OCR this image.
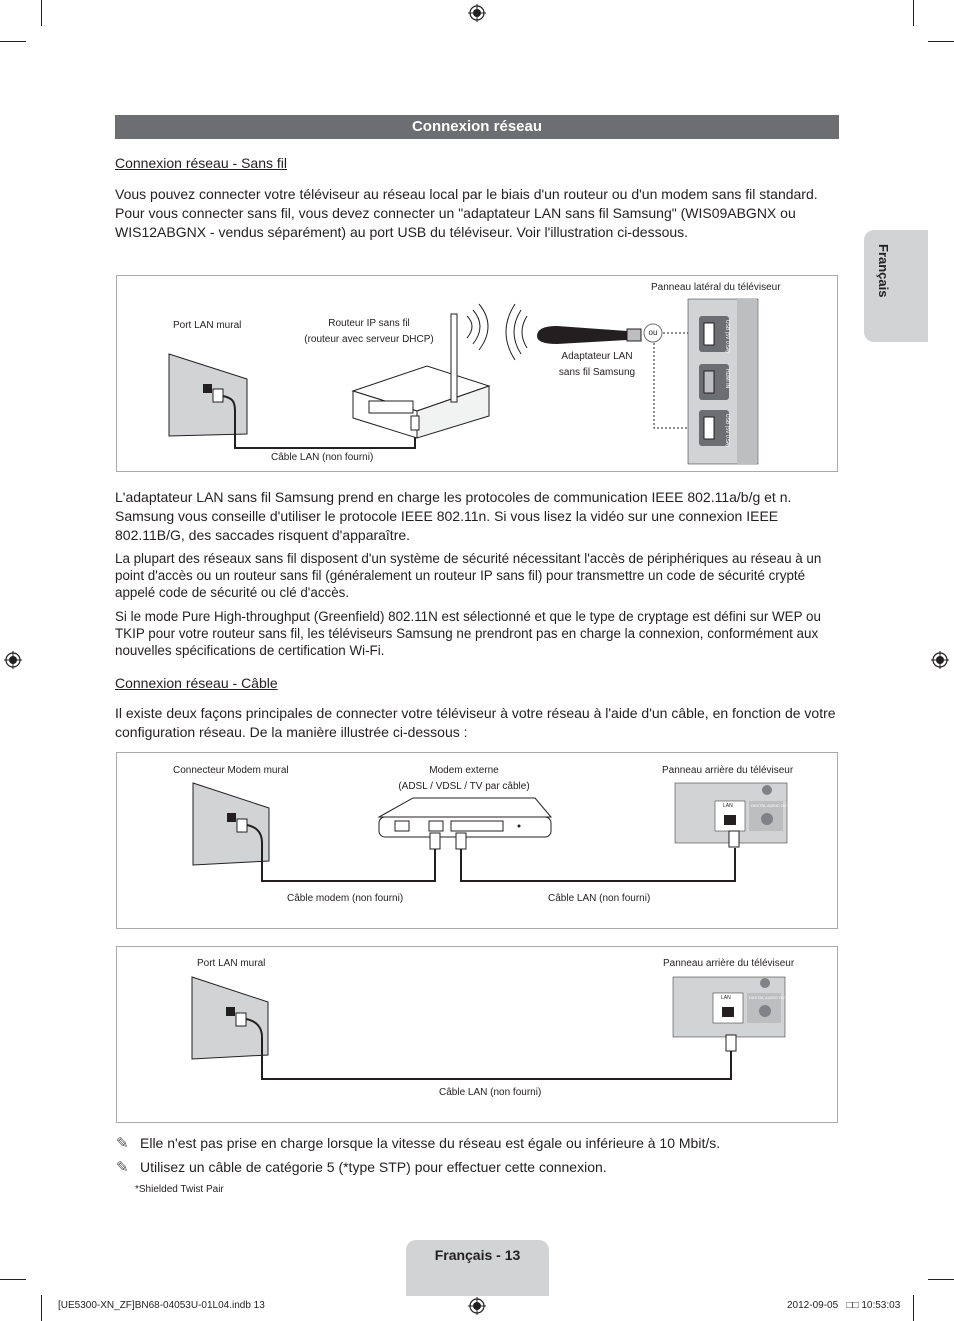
Connexion réseau
Français
Connexion réseau - Sans fil
Vous pouvez connecter votre téléviseur au réseau local par le biais d'un routeur ou d'un modem sans fil standard. Pour vous connecter sans fil, vous devez connecter un "adaptateur LAN sans fil Samsung" (WIS09ABGNX ou WIS12ABGNX - vendus séparément) au port USB du téléviseur. Voir l'illustration ci-dessous.
Port LAN mural	Routeur IP sans fil
(routeur avec serveur DHCP)
Panneau latéral du téléviseur
Adaptateur LAN
sans fil Samsung
ou
Câble LAN (non fourni)
USB (5V 0.5A)
HDMI IN
USB (5V 0.5A)
L'adaptateur LAN sans fil Samsung prend en charge les protocoles de communication IEEE 802.11a/b/g et n. Samsung vous conseille d'utiliser le protocole IEEE 802.11n. Si vous lisez la vidéo sur une connexion IEEE 802.11B/G, des saccades risquent d'apparaître.
La plupart des réseaux sans fil disposent d'un système de sécurité nécessitant l'accès de périphériques au réseau à un point d'accès ou un routeur sans fil (généralement un routeur IP sans fil) pour transmettre un code de sécurité crypté appelé code de sécurité ou clé d'accès.
Si le mode Pure High-throughput (Greenfield) 802.11N est sélectionné et que le type de cryptage est défini sur WEP ou TKIP pour votre routeur sans fil, les téléviseurs Samsung ne prendront pas en charge la connexion, conformément aux nouvelles spécifications de certification Wi-Fi.
Connexion réseau - Câble
Il existe deux façons principales de connecter votre téléviseur à votre réseau à l'aide d'un câble, en fonction de votre configuration réseau. De la manière illustrée ci-dessous :
Connecteur Modem mural	Modem externe
(ADSL / VDSL / TV par câble)
Panneau arrière du téléviseur
Câble modem (non fourni)	Câble LAN (non fourni)
LAN	DIGITAL AUDIO OUT (OPTICAL)
Port LAN mural	Panneau arrière du téléviseur
Câble LAN (non fourni)
LAN	DIGITAL AUDIO OUT (OPTICAL)
✎ Elle n'est pas prise en charge lorsque la vitesse du réseau est égale ou inférieure à 10 Mbit/s.
✎ Utilisez un câble de catégorie 5 (*type STP) pour effectuer cette connexion.
*Shielded Twist Pair
Français - 13
[UE5300-XN_ZF]BN68-04053U-01L04.indb 13	2012-09-05   □□ 10:53:03
